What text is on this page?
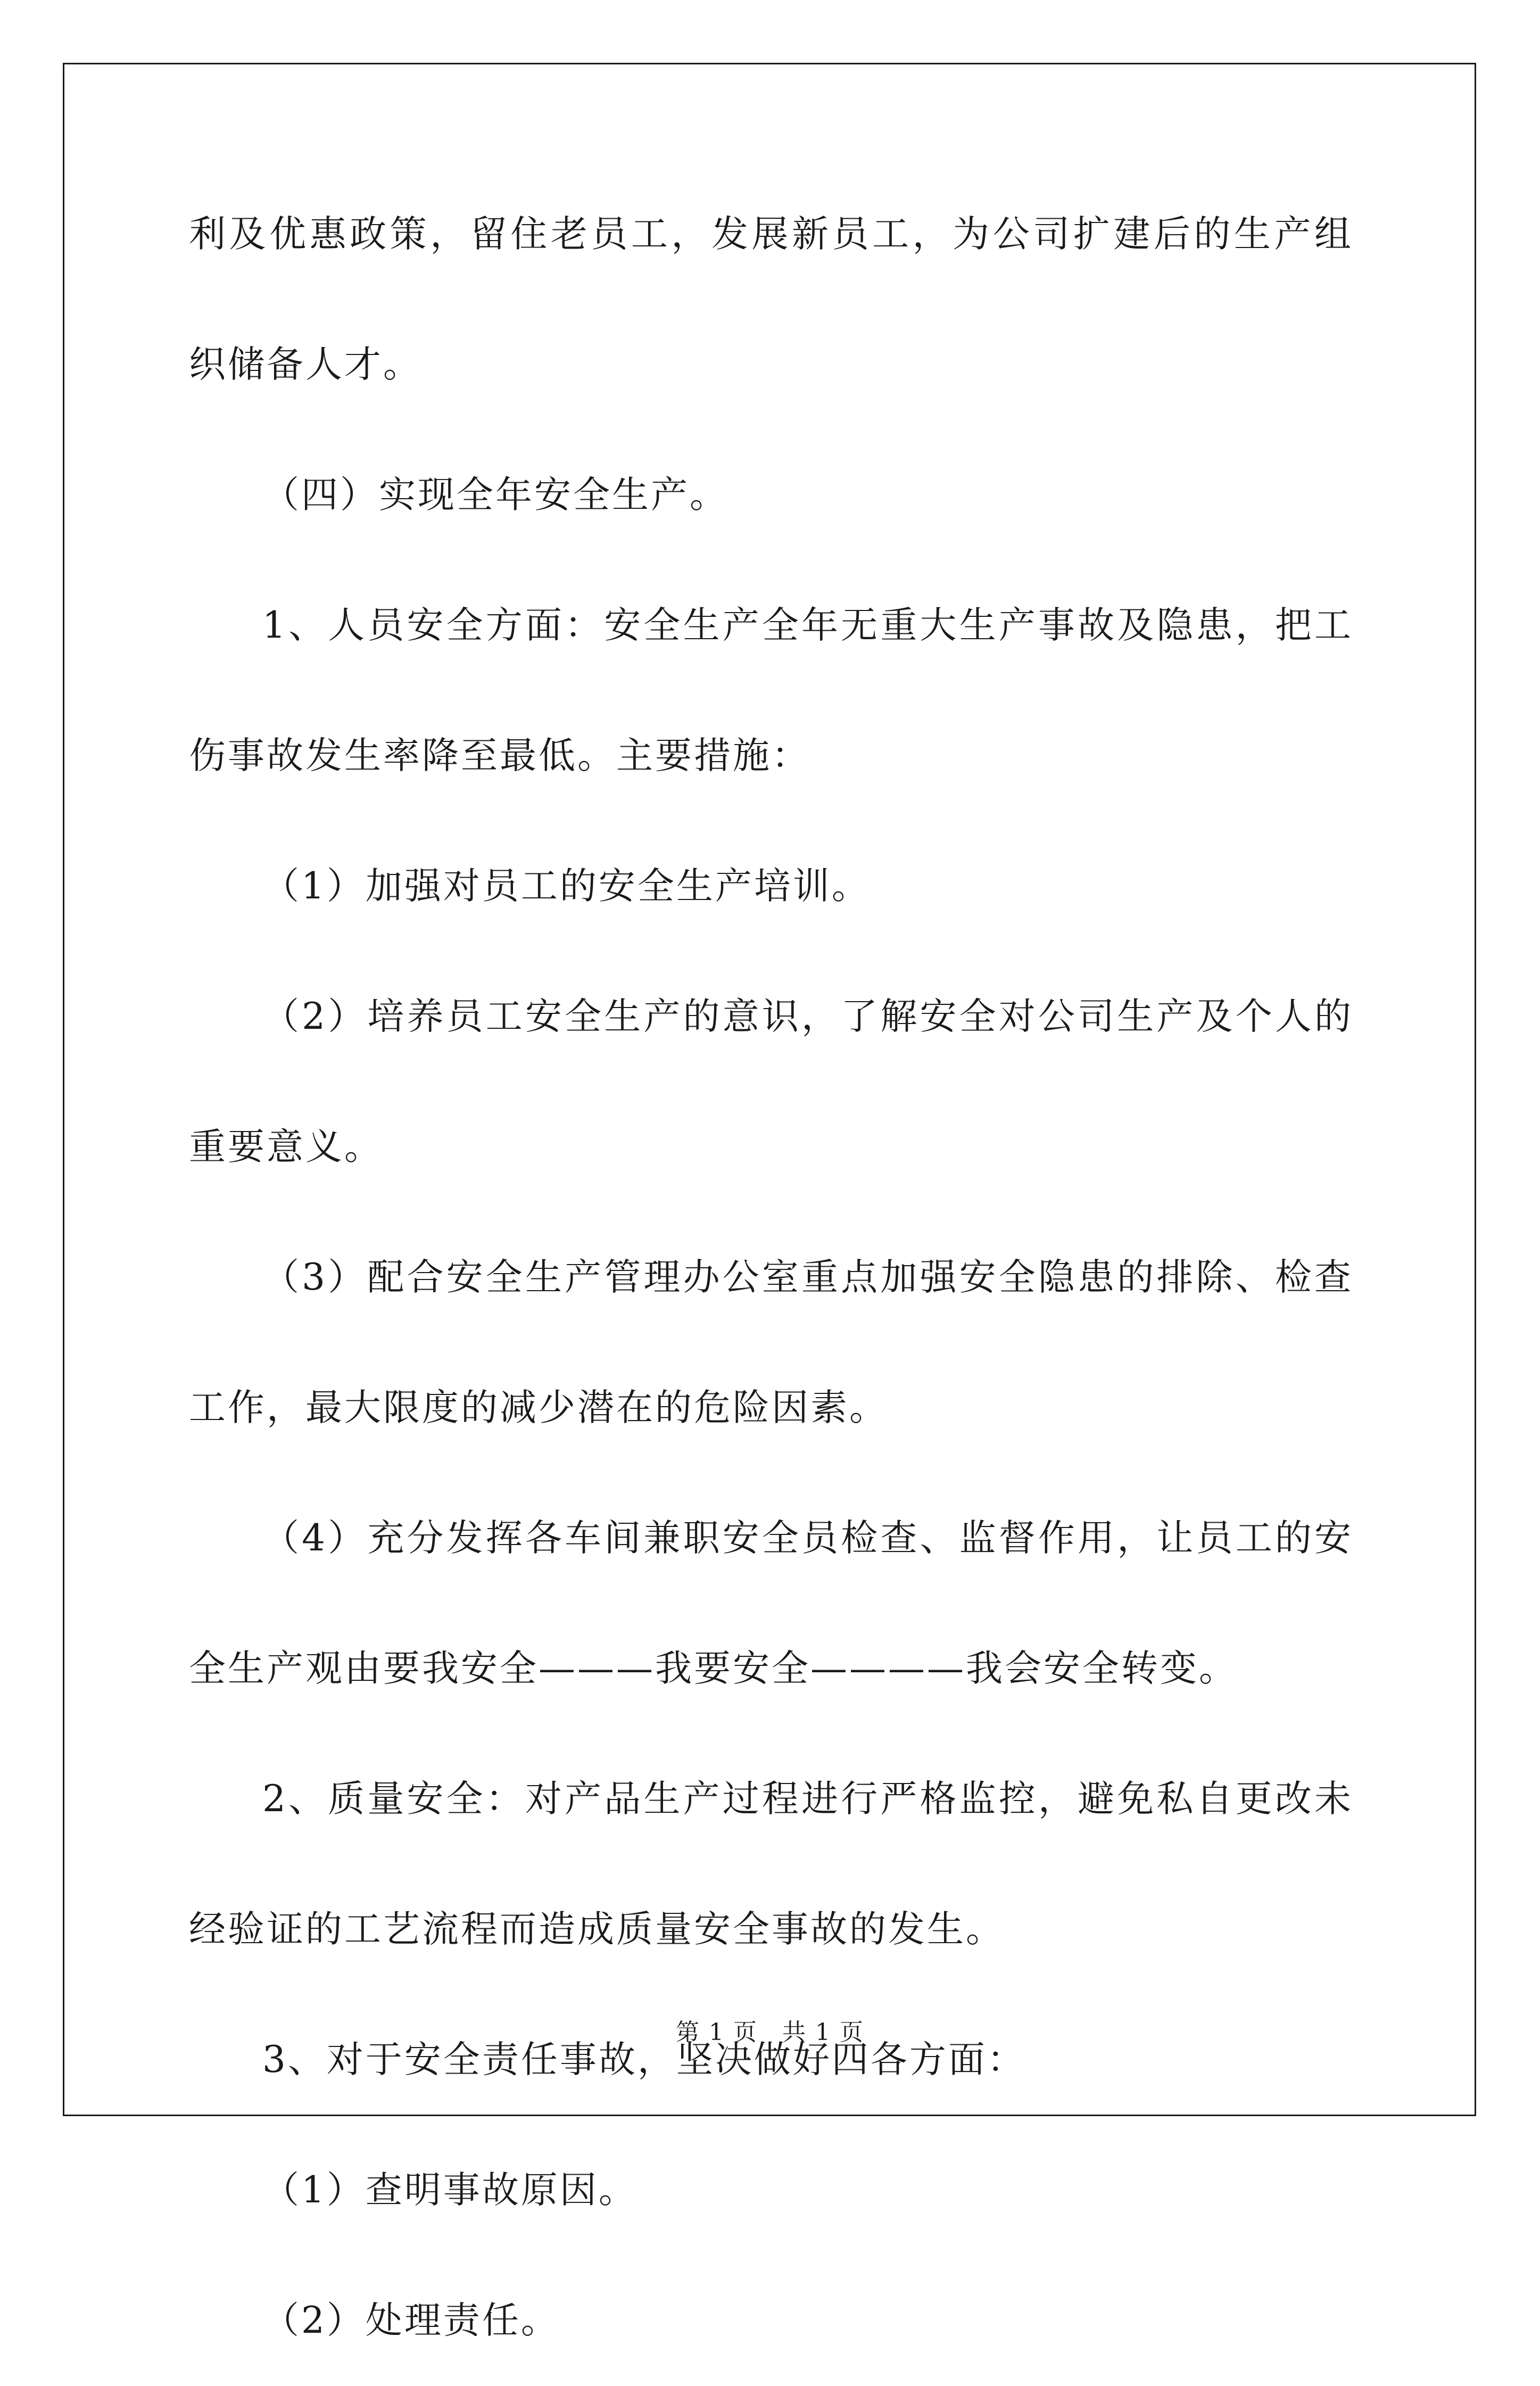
利及优惠政策，留住老员工，发展新员工，为公司扩建后的生产组织储备人才。

（四）实现全年安全生产。

1、人员安全方面：安全生产全年无重大生产事故及隐患，把工伤事故发生率降至最低。主要措施：

（1）加强对员工的安全生产培训。

（2）培养员工安全生产的意识，了解安全对公司生产及个人的重要意义。

（3）配合安全生产管理办公室重点加强安全隐患的排除、检查工作，最大限度的减少潜在的危险因素。

（4）充分发挥各车间兼职安全员检查、监督作用，让员工的安全生产观由要我安全———我要安全————我会安全转变。

2、质量安全：对产品生产过程进行严格监控，避免私自更改未经验证的工艺流程而造成质量安全事故的发生。

3、对于安全责任事故，坚决做好四各方面：

（1）查明事故原因。

（2）处理责任。

第 1 页　共 1 页
